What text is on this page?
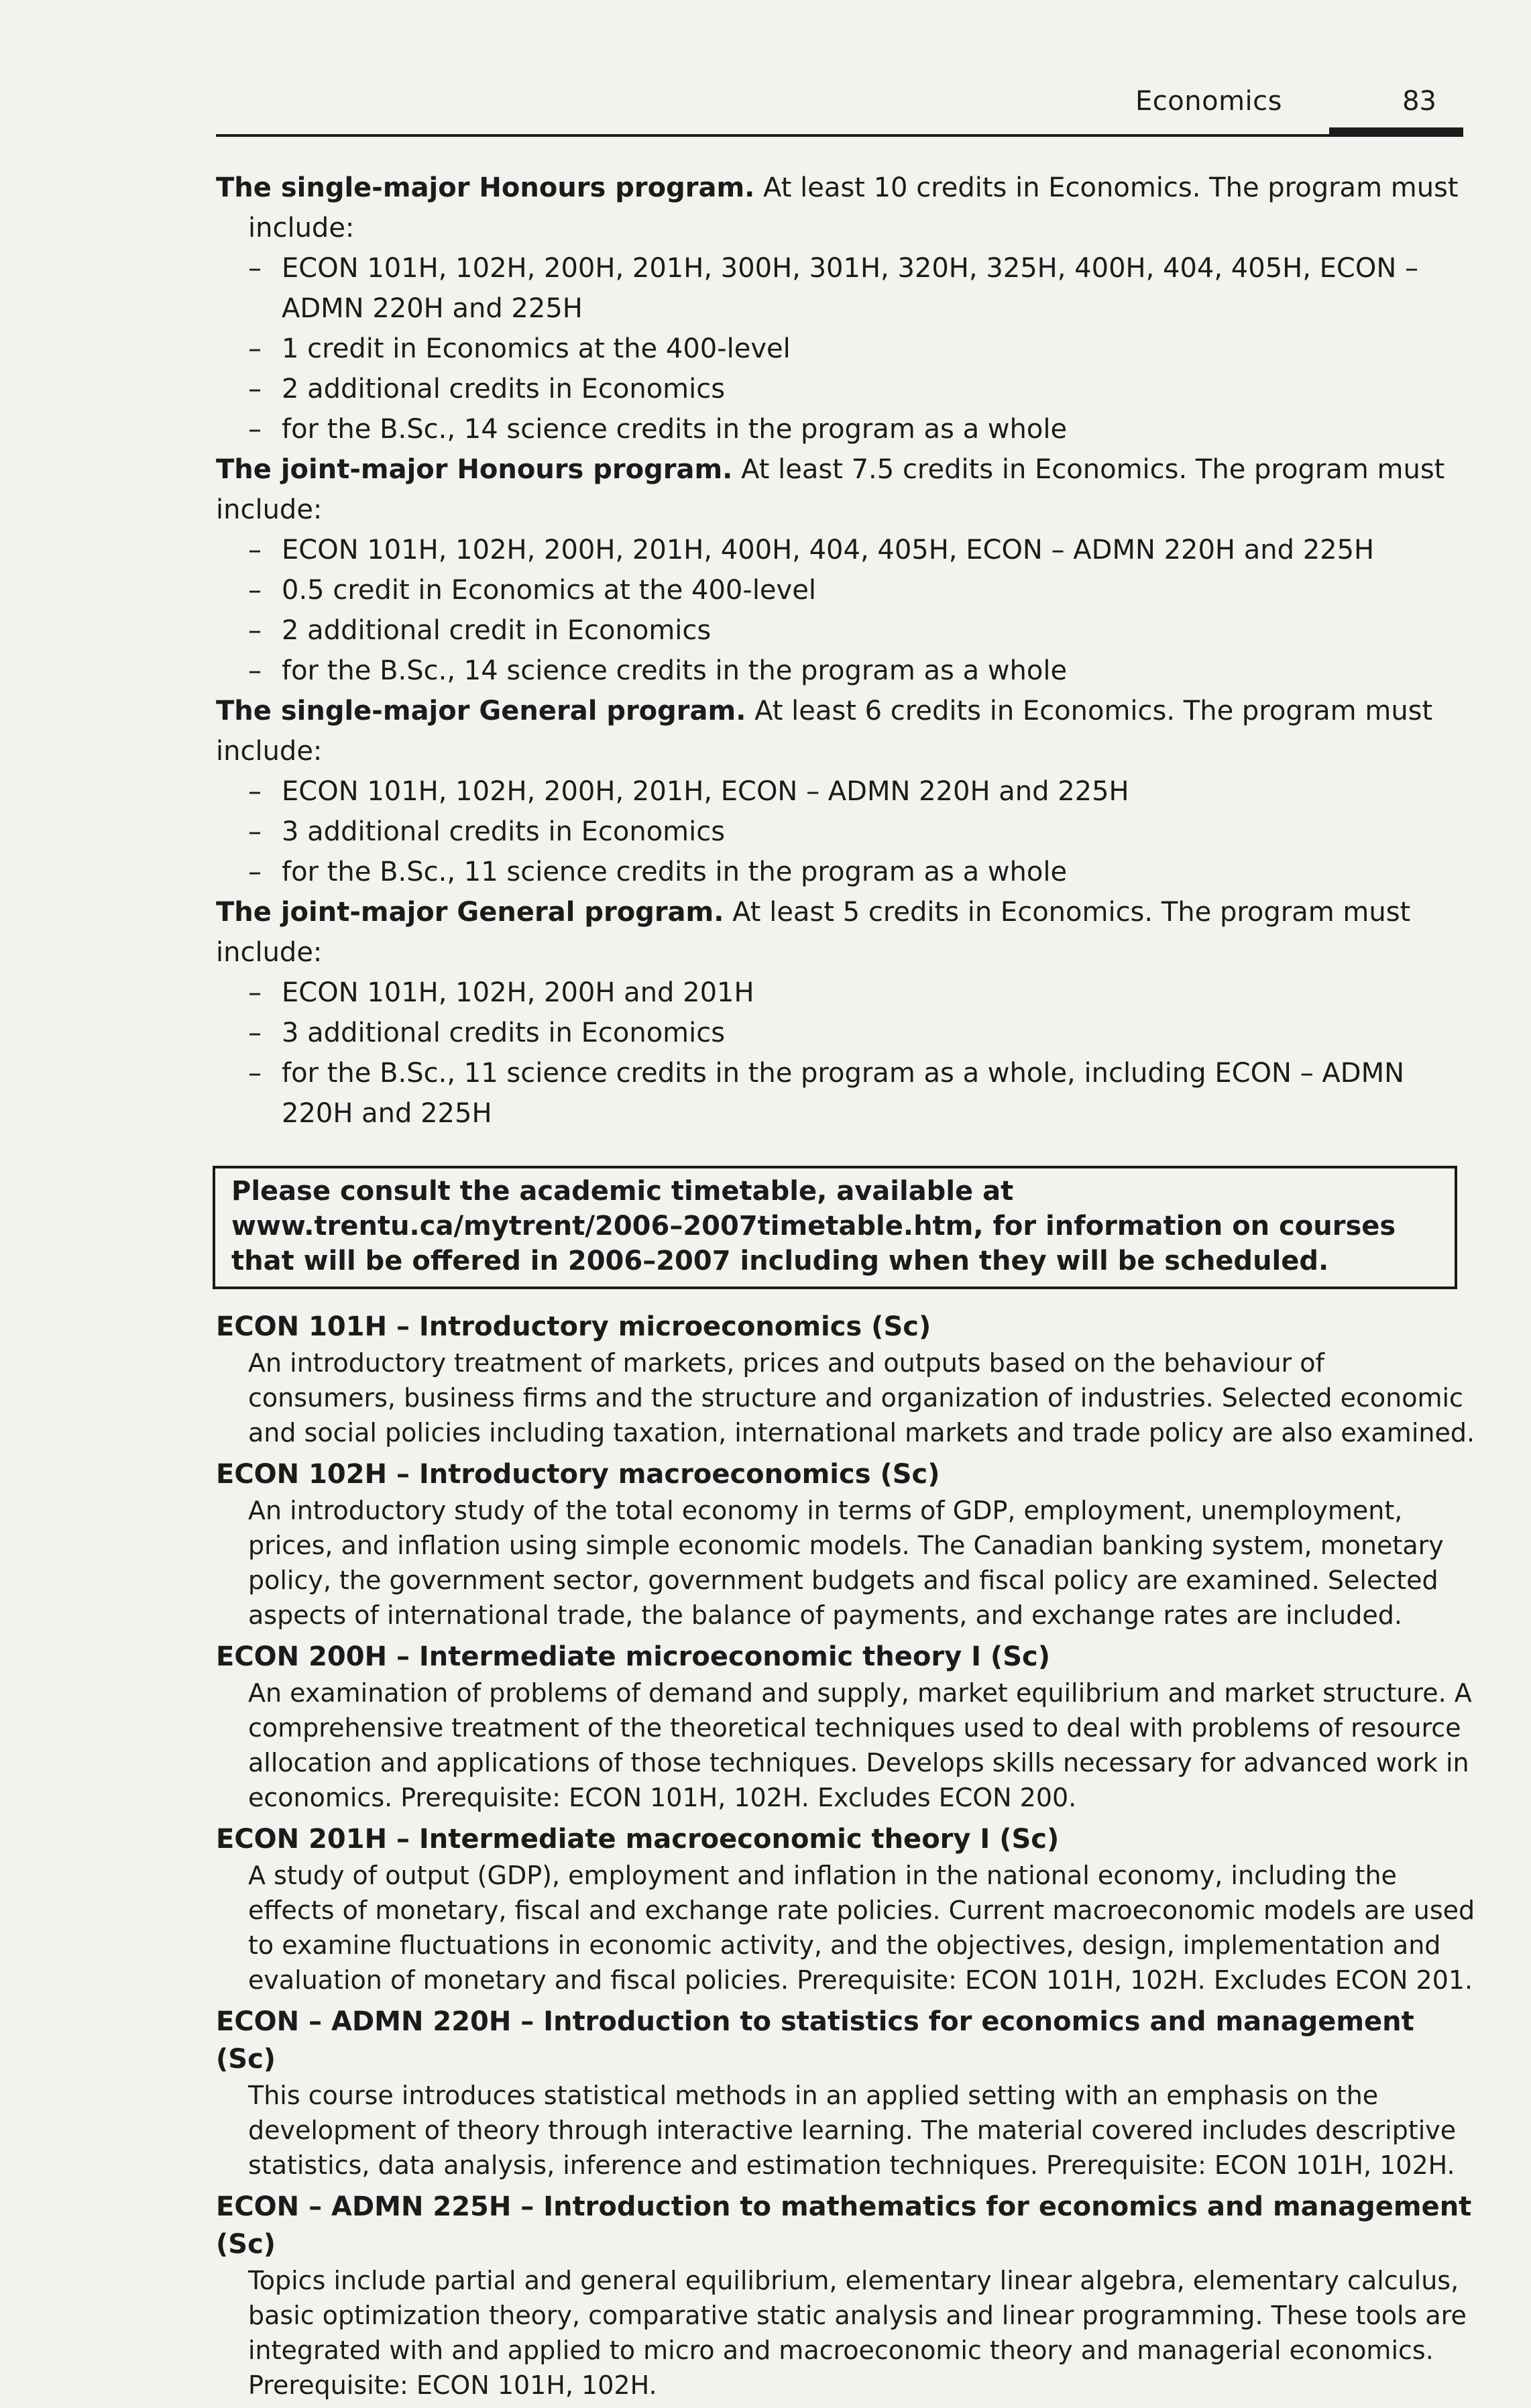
Economics	83

The single-major Honours program. At least 10 credits in Economics. The program must

include:
– ECON 101H, 102H, 200H, 201H, 300H, 301H, 320H, 325H, 400H, 404, 405H, ECON – ADMN 220H and 225H
– 1 credit in Economics at the 400-level
– 2 additional credits in Economics
– for the B.Sc., 14 science credits in the program as a whole

The joint-major Honours program. At least 7.5 credits in Economics. The program must include:

– ECON 101H, 102H, 200H, 201H, 400H, 404, 405H, ECON – ADMN 220H and 225H
– 0.5 credit in Economics at the 400-level
– 2 additional credit in Economics
– for the B.Sc., 14 science credits in the program as a whole

The single-major General program. At least 6 credits in Economics. The program must include:

– ECON 101H, 102H, 200H, 201H, ECON – ADMN 220H and 225H
– 3 additional credits in Economics
– for the B.Sc., 11 science credits in the program as a whole

The joint-major General program. At least 5 credits in Economics. The program must include:

– ECON 101H, 102H, 200H and 201H
– 3 additional credits in Economics
– for the B.Sc., 11 science credits in the program as a whole, including ECON – ADMN 220H and 225H
Please consult the academic timetable, available at www.trentu.ca/mytrent/2006–2007timetable.htm, for information on courses that will be offered in 2006–2007 including when they will be scheduled.
ECON 101H – Introductory microeconomics (Sc)
An introductory treatment of markets, prices and outputs based on the behaviour of consumers, business firms and the structure and organization of industries. Selected economic and social policies including taxation, international markets and trade policy are also examined.
ECON 102H – Introductory macroeconomics (Sc)
An introductory study of the total economy in terms of GDP, employment, unemployment, prices, and inflation using simple economic models. The Canadian banking system, monetary policy, the government sector, government budgets and fiscal policy are examined. Selected aspects of international trade, the balance of payments, and exchange rates are included.
ECON 200H – Intermediate microeconomic theory I (Sc)
An examination of problems of demand and supply, market equilibrium and market structure. A comprehensive treatment of the theoretical techniques used to deal with problems of resource allocation and applications of those techniques. Develops skills necessary for advanced work in economics. Prerequisite: ECON 101H, 102H. Excludes ECON 200.
ECON 201H – Intermediate macroeconomic theory I (Sc)
A study of output (GDP), employment and inflation in the national economy, including the effects of monetary, fiscal and exchange rate policies. Current macroeconomic models are used to examine fluctuations in economic activity, and the objectives, design, implementation and evaluation of monetary and fiscal policies. Prerequisite: ECON 101H, 102H. Excludes ECON 201.
ECON – ADMN 220H – Introduction to statistics for economics and management (Sc)
This course introduces statistical methods in an applied setting with an emphasis on the development of theory through interactive learning. The material covered includes descriptive statistics, data analysis, inference and estimation techniques. Prerequisite: ECON 101H, 102H.
ECON – ADMN 225H – Introduction to mathematics for economics and management (Sc)
Topics include partial and general equilibrium, elementary linear algebra, elementary calculus, basic optimization theory, comparative static analysis and linear programming. These tools are integrated with and applied to micro and macroeconomic theory and managerial economics. Prerequisite: ECON 101H, 102H.
